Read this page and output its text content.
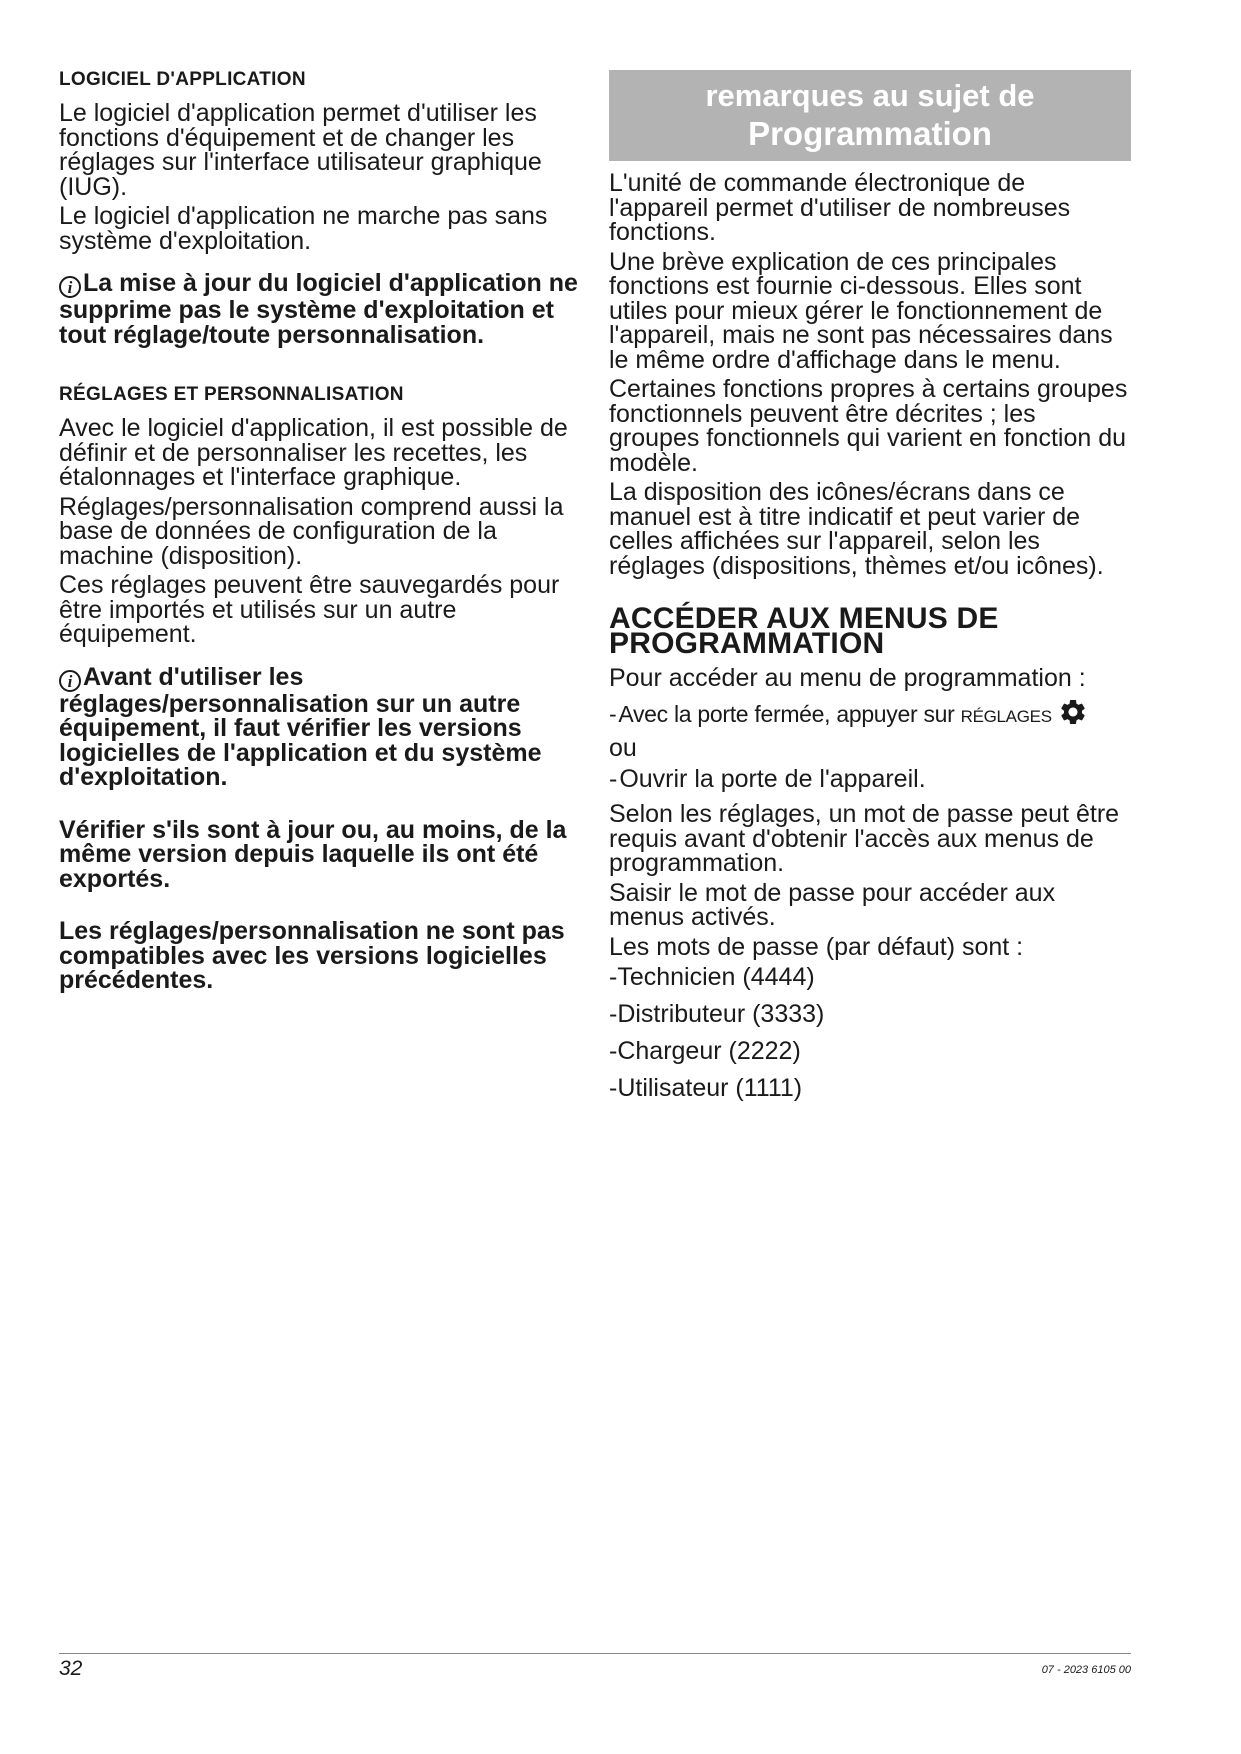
LOGICIEL D'APPLICATION

Le logiciel d'application permet d'utiliser les fonctions d'équipement et de changer les réglages sur l'interface utilisateur graphique (IUG).

Le logiciel d'application ne marche pas sans système d'exploitation.

i La mise à jour du logiciel d'application ne supprime pas le système d'exploitation et tout réglage/toute personnalisation.
RÉGLAGES ET PERSONNALISATION

Avec le logiciel d'application, il est possible de définir et de personnaliser les recettes, les étalonnages et l'interface graphique.

Réglages/personnalisation comprend aussi la base de données de configuration de la machine (disposition).

Ces réglages peuvent être sauvegardés pour être importés et utilisés sur un autre équipement.

i Avant d'utiliser les réglages/personnalisation sur un autre équipement, il faut vérifier les versions logicielles de l'application et du système d'exploitation.

Vérifier s'ils sont à jour ou, au moins, de la même version depuis laquelle ils ont été exportés.

Les réglages/personnalisation ne sont pas compatibles avec les versions logicielles précédentes.

remarques au sujet de
Programmation

L'unité de commande électronique de l'appareil permet d'utiliser de nombreuses fonctions.

Une brève explication de ces principales fonctions est fournie ci-dessous. Elles sont utiles pour mieux gérer le fonctionnement de l'appareil, mais ne sont pas nécessaires dans le même ordre d'affichage dans le menu.

Certaines fonctions propres à certains groupes fonctionnels peuvent être décrites ; les groupes fonctionnels qui varient en fonction du modèle.

La disposition des icônes/écrans dans ce manuel est à titre indicatif et peut varier de celles affichées sur l'appareil, selon les réglages (dispositions, thèmes et/ou icônes).

ACCÉDER AUX MENUS DE PROGRAMMATION

Pour accéder au menu de programmation :

-Avec la porte fermée, appuyer sur RÉGLAGES

ou

-Ouvrir la porte de l'appareil.

Selon les réglages, un mot de passe peut être requis avant d'obtenir l'accès aux menus de programmation.

Saisir le mot de passe pour accéder aux menus activés.

Les mots de passe (par défaut) sont :

-Technicien (4444)
-Distributeur (3333)
-Chargeur (2222)
-Utilisateur (1111)
32	07 - 2023 6105 00
